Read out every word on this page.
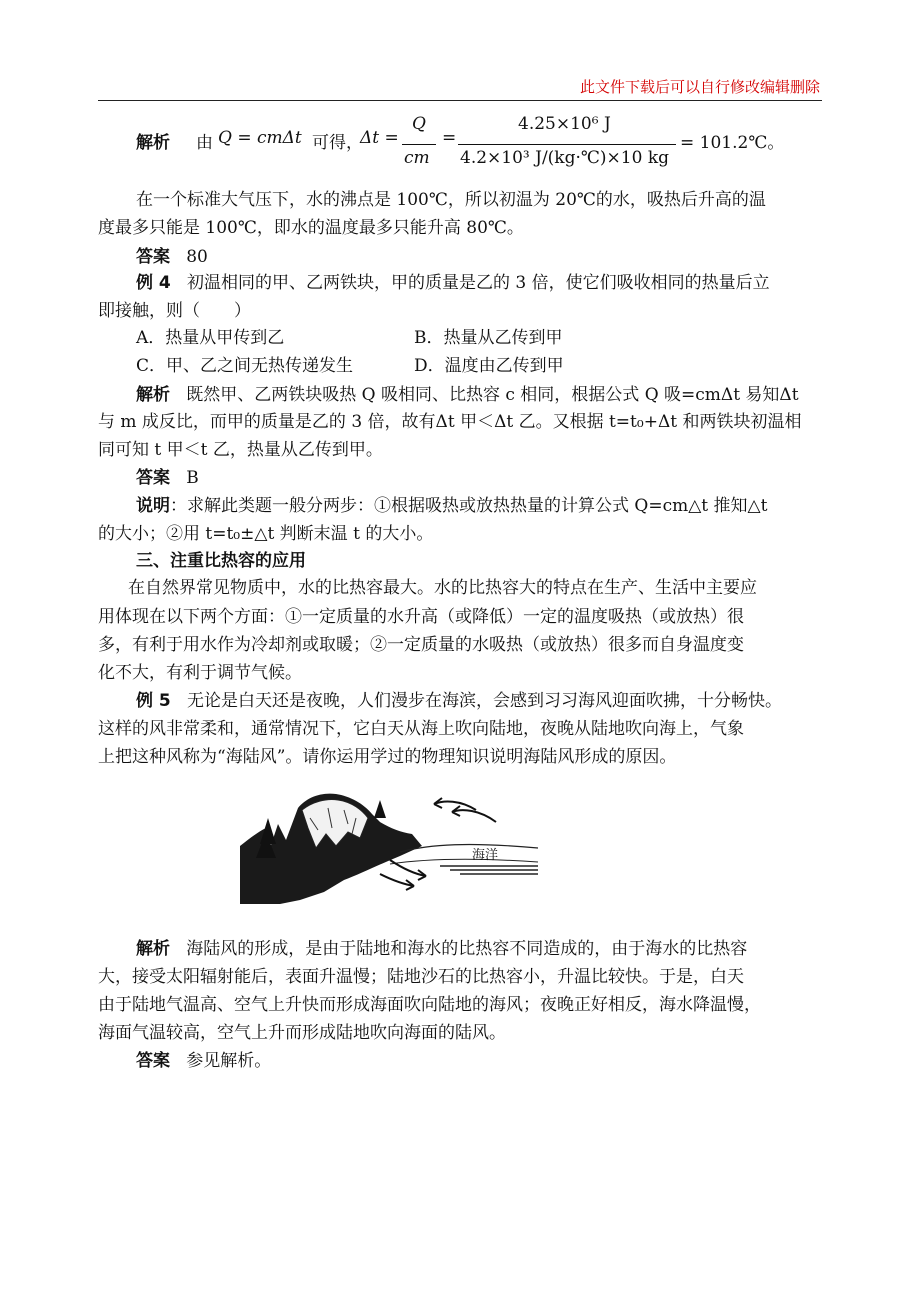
此文件下载后可以自行修改编辑删除
解析 由 Q = cmΔt 可得，
Δt =
Q
cm
=
4.25×10⁶ J
4.2×10³ J/(kg·℃)×10 kg
= 101.2℃。
在一个标准大气压下，水的沸点是 100℃，所以初温为 20℃的水，吸热后升高的温
度最多只能是 100℃，即水的温度最多只能升高 80℃。
答案 80
例 4 初温相同的甲、乙两铁块，甲的质量是乙的 3 倍，使它们吸收相同的热量后立
即接触，则（　　）
A．热量从甲传到乙	B．热量从乙传到甲
C．甲、乙之间无热传递发生	D．温度由乙传到甲
解析 既然甲、乙两铁块吸热 Q 吸相同、比热容 c 相同，根据公式 Q 吸=cmΔt 易知Δt
与 m 成反比，而甲的质量是乙的 3 倍，故有Δt 甲＜Δt 乙。又根据 t=t₀+Δt 和两铁块初温相
同可知 t 甲＜t 乙，热量从乙传到甲。
答案 B
说明：求解此类题一般分两步：①根据吸热或放热热量的计算公式 Q=cm△t 推知△t
的大小；②用 t=t₀±△t 判断末温 t 的大小。
三、注重比热容的应用
在自然界常见物质中，水的比热容最大。水的比热容大的特点在生产、生活中主要应
用体现在以下两个方面：①一定质量的水升高（或降低）一定的温度吸热（或放热）很
多，有利于用水作为冷却剂或取暖；②一定质量的水吸热（或放热）很多而自身温度变
化不大，有利于调节气候。
例 5 无论是白天还是夜晚，人们漫步在海滨，会感到习习海风迎面吹拂，十分畅快。
这样的风非常柔和，通常情况下，它白天从海上吹向陆地，夜晚从陆地吹向海上，气象
上把这种风称为“海陆风”。请你运用学过的物理知识说明海陆风形成的原因。
海洋
解析 海陆风的形成，是由于陆地和海水的比热容不同造成的，由于海水的比热容
大，接受太阳辐射能后，表面升温慢；陆地沙石的比热容小，升温比较快。于是，白天
由于陆地气温高、空气上升快而形成海面吹向陆地的海风；夜晚正好相反，海水降温慢，
海面气温较高，空气上升而形成陆地吹向海面的陆风。
答案 参见解析。
